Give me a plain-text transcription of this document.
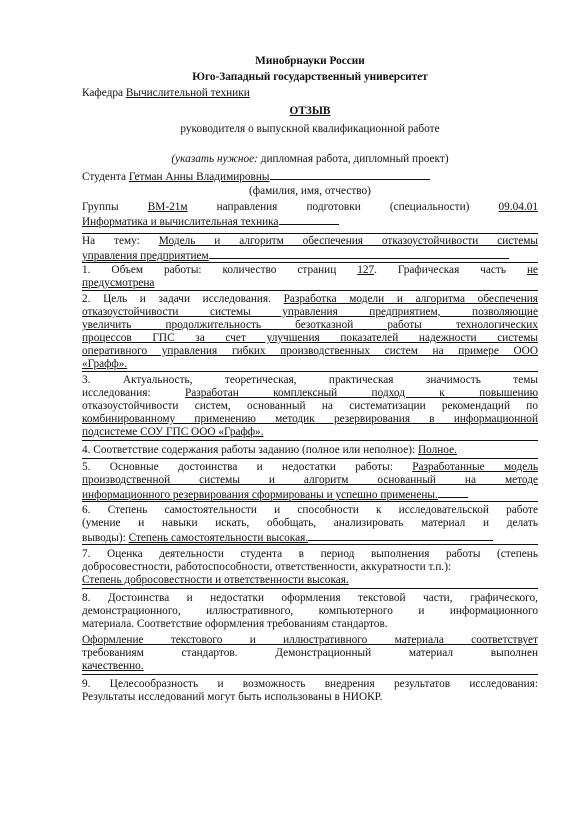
Минобрнауки России
Юго-Западный государственный университет
Кафедра Вычислительной техники
ОТЗЫВ
руководителя о выпускной квалификационной работе
(указать нужное: дипломная работа, дипломный проект)
Студента Гетман Анны Владимировны
(фамилия, имя, отчество)
Группы	ВМ-21м	направления подготовки (специальности)	09.04.01
Информатика и вычислительная техника
На тему: Модель и алгоритм обеспечения отказоустойчивости системы
управления предприятием
1. Объем работы: количество страниц 127. Графическая часть не
предусмотрена
2. Цель и задачи исследования. Разработка модели и алгоритма обеспечения
отказоустойчивости системы управления предприятием, позволяющие
увеличить продолжительность безотказной работы технологических
процессов ГПС за счет улучшения показателей надежности системы
оперативного управления гибких производственных систем на примере ООО
«Графф».
3. Актуальность, теоретическая, практическая значимость темы
исследования:	Разработан комплексный подход к повышению
отказоустойчивости систем, основанный на систематизации рекомендаций по
комбинированному применению методик резервирования в информационной
подсистеме СОУ ГПС ООО «Графф».
4. Соответствие содержания работы заданию (полное или неполное): Полное.
5. Основные достоинства и недостатки работы: Разработанные модель
производственной системы и алгоритм основанный на методе
информационного резервирования сформированы и успешно применены.
6. Степень самостоятельности и способности к исследовательской работе
(умение и навыки искать, обобщать, анализировать материал и делать
выводы): Степень самостоятельности высокая.
7. Оценка деятельности студента в период выполнения работы (степень
добросовестности, работоспособности, ответственности, аккуратности т.п.):
Степень добросовестности и ответственности высокая.
8. Достоинства и недостатки оформления текстовой части, графического,
демонстрационного, иллюстративного, компьютерного и информационного
материала. Соответствие оформления требованиям стандартов.
Оформление текстового и иллюстративного материала соответствует
требованиям стандартов. Демонстрационный материал выполнен
качественно.
9. Целесообразность и возможность внедрения результатов исследования:
Результаты исследований могут быть использованы в НИОКР.
